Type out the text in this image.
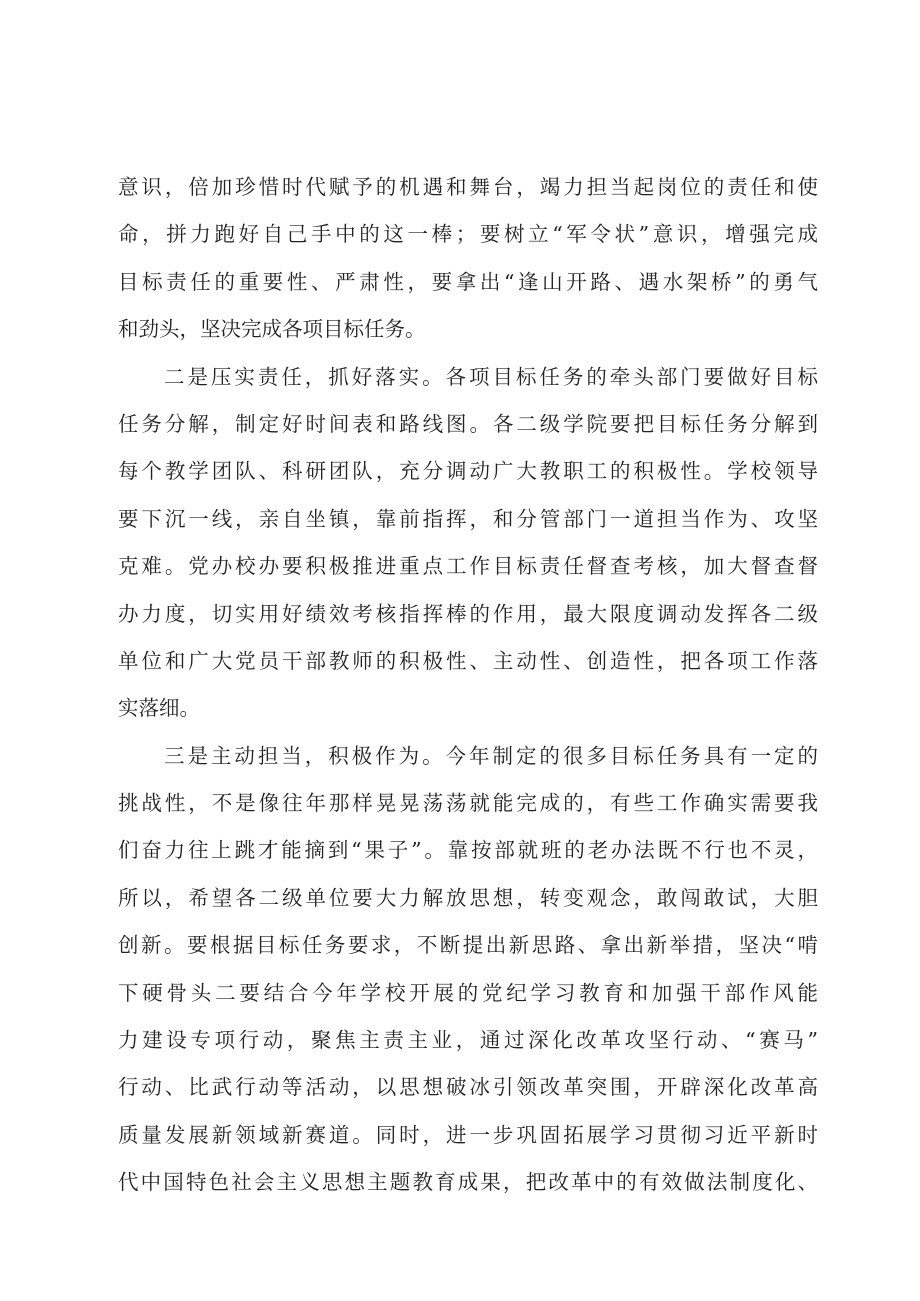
意识，倍加珍惜时代赋予的机遇和舞台，竭力担当起岗位的责任和使
命，拼力跑好自己手中的这一棒；要树立“军令状”意识，增强完成
目标责任的重要性、严肃性，要拿出“逢山开路、遇水架桥”的勇气
和劲头，坚决完成各项目标任务。
二是压实责任，抓好落实。各项目标任务的牵头部门要做好目标
任务分解，制定好时间表和路线图。各二级学院要把目标任务分解到
每个教学团队、科研团队，充分调动广大教职工的积极性。学校领导
要下沉一线，亲自坐镇，靠前指挥，和分管部门一道担当作为、攻坚
克难。党办校办要积极推进重点工作目标责任督查考核，加大督查督
办力度，切实用好绩效考核指挥棒的作用，最大限度调动发挥各二级
单位和广大党员干部教师的积极性、主动性、创造性，把各项工作落
实落细。
三是主动担当，积极作为。今年制定的很多目标任务具有一定的
挑战性，不是像往年那样晃晃荡荡就能完成的，有些工作确实需要我
们奋力往上跳才能摘到“果子”。靠按部就班的老办法既不行也不灵，
所以，希望各二级单位要大力解放思想，转变观念，敢闯敢试，大胆
创新。要根据目标任务要求，不断提出新思路、拿出新举措，坚决“啃
下硬骨头二要结合今年学校开展的党纪学习教育和加强干部作风能
力建设专项行动，聚焦主责主业，通过深化改革攻坚行动、“赛马”
行动、比武行动等活动，以思想破冰引领改革突围，开辟深化改革高
质量发展新领域新赛道。同时，进一步巩固拓展学习贯彻习近平新时
代中国特色社会主义思想主题教育成果，把改革中的有效做法制度化、
